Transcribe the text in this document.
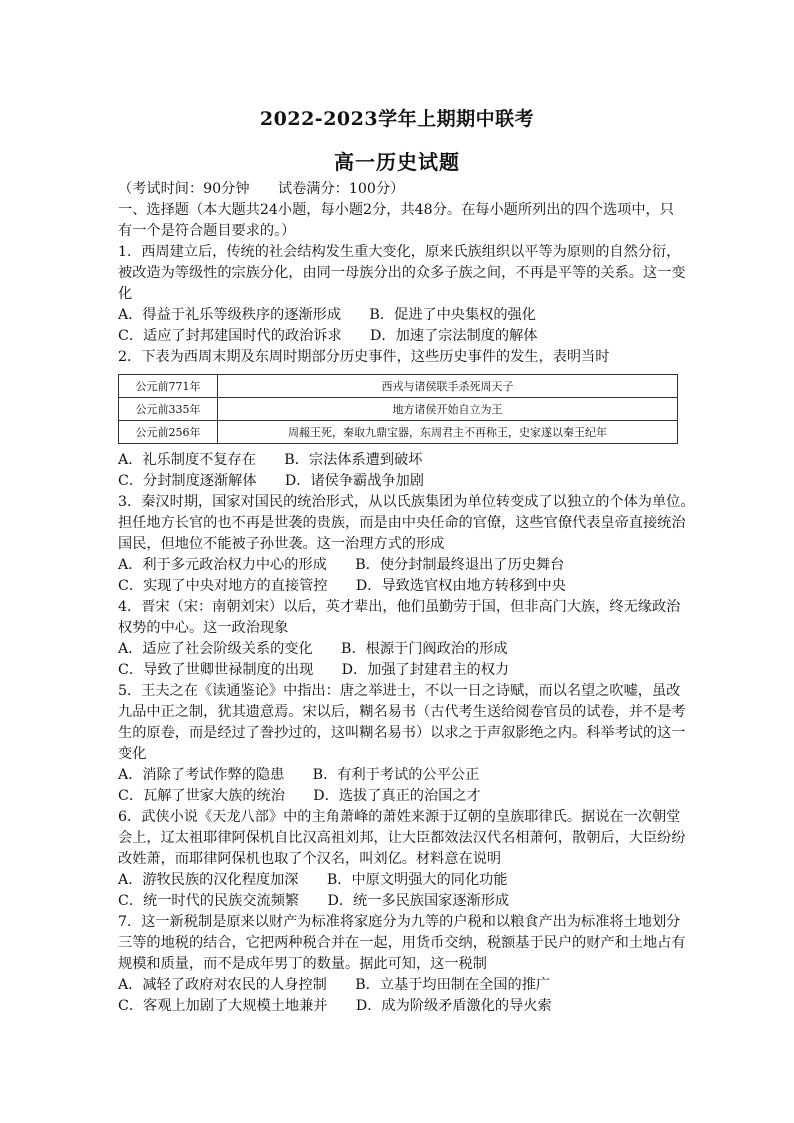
2022-2023学年上期期中联考
高一历史试题
（考试时间：90分钟　　试卷满分：100分）
一、选择题（本大题共24小题，每小题2分，共48分。在每小题所列出的四个选项中，只
有一个是符合题目要求的。）
1．西周建立后，传统的社会结构发生重大变化，原来氏族组织以平等为原则的自然分衍，
被改造为等级性的宗族分化，由同一母族分出的众多子族之间，不再是平等的关系。这一变
化
A．得益于礼乐等级秩序的逐渐形成　　B．促进了中央集权的强化
C．适应了封邦建国时代的政治诉求　　D．加速了宗法制度的解体
2．下表为西周末期及东周时期部分历史事件，这些历史事件的发生，表明当时
公元前771年	西戎与诸侯联手杀死周天子
公元前335年	地方诸侯开始自立为王
公元前256年	周赧王死，秦取九鼎宝器，东周君主不再称王，史家遂以秦王纪年
A．礼乐制度不复存在　　B．宗法体系遭到破坏
C．分封制度逐渐解体　　D．诸侯争霸战争加剧
3．秦汉时期，国家对国民的统治形式，从以氏族集团为单位转变成了以独立的个体为单位。
担任地方长官的也不再是世袭的贵族，而是由中央任命的官僚，这些官僚代表皇帝直接统治
国民，但地位不能被子孙世袭。这一治理方式的形成
A．利于多元政治权力中心的形成　　B．使分封制最终退出了历史舞台
C．实现了中央对地方的直接管控　　D．导致选官权由地方转移到中央
4．晋宋（宋：南朝刘宋）以后，英才辈出，他们虽勤劳于国，但非高门大族，终无缘政治
权势的中心。这一政治现象
A．适应了社会阶级关系的变化　　B．根源于门阀政治的形成
C．导致了世卿世禄制度的出现　　D．加强了封建君主的权力
5．王夫之在《读通鉴论》中指出：唐之举进士，不以一日之诗赋，而以名望之吹嘘，虽改
九品中正之制，犹其遗意焉。宋以后，糊名易书（古代考生送给阅卷官员的试卷，并不是考
生的原卷，而是经过了誊抄过的，这叫糊名易书）以求之于声叙影绝之内。科举考试的这一
变化
A．消除了考试作弊的隐患　　B．有利于考试的公平公正
C．瓦解了世家大族的统治　　D．选拔了真正的治国之才
6．武侠小说《天龙八部》中的主角萧峰的萧姓来源于辽朝的皇族耶律氏。据说在一次朝堂
会上，辽太祖耶律阿保机自比汉高祖刘邦，让大臣都效法汉代名相萧何，散朝后，大臣纷纷
改姓萧，而耶律阿保机也取了个汉名，叫刘亿。材料意在说明
A．游牧民族的汉化程度加深　　B．中原文明强大的同化功能
C．统一时代的民族交流频繁　　D．统一多民族国家逐渐形成
7．这一新税制是原来以财产为标准将家庭分为九等的户税和以粮食产出为标准将土地划分
三等的地税的结合，它把两种税合并在一起，用货币交纳，税额基于民户的财产和土地占有
规模和质量，而不是成年男丁的数量。据此可知，这一税制
A．减轻了政府对农民的人身控制　　B．立基于均田制在全国的推广
C．客观上加剧了大规模土地兼并　　D．成为阶级矛盾激化的导火索
